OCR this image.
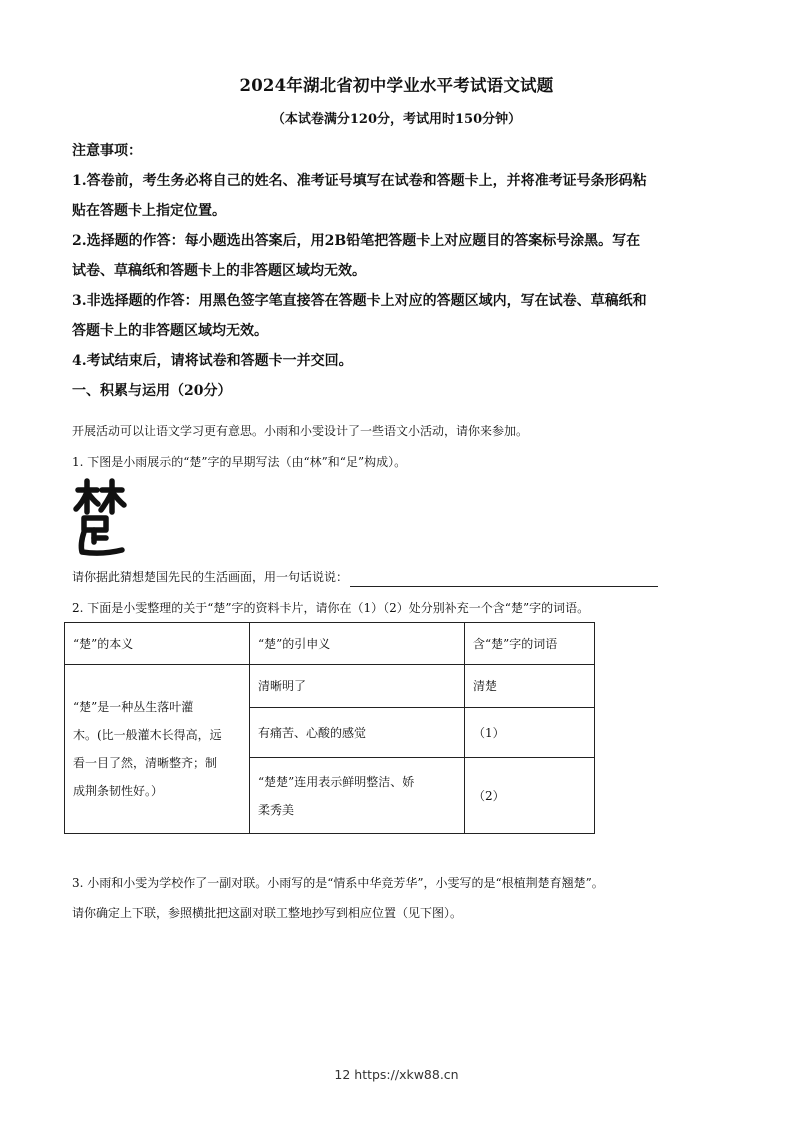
2024年湖北省初中学业水平考试语文试题
（本试卷满分120分，考试用时150分钟）
注意事项：
1.答卷前，考生务必将自己的姓名、准考证号填写在试卷和答题卡上，并将准考证号条形码粘
贴在答题卡上指定位置。
2.选择题的作答：每小题选出答案后，用2B铅笔把答题卡上对应题目的答案标号涂黑。写在
试卷、草稿纸和答题卡上的非答题区域均无效。
3.非选择题的作答：用黑色签字笔直接答在答题卡上对应的答题区域内，写在试卷、草稿纸和
答题卡上的非答题区域均无效。
4.考试结束后，请将试卷和答题卡一并交回。
一、积累与运用（20分）
开展活动可以让语文学习更有意思。小雨和小雯设计了一些语文小活动，请你来参加。
1. 下图是小雨展示的“楚”字的早期写法（由“林”和“足”构成）。
请你据此猜想楚国先民的生活画面，用一句话说说：
2. 下面是小雯整理的关于“楚”字的资料卡片，请你在（1）（2）处分别补充一个含“楚”字的词语。
“楚”的本义	“楚”的引申义	含“楚”字的词语

“楚”是一种丛生落叶灌
木。(比一般灌木长得高，远
看一目了然，清晰整齐；制
成荆条韧性好。）	清晰明了	清楚
	有痛苦、心酸的感觉	（1）

	“楚楚”连用表示鲜明整洁、娇
柔秀美	（2）
3. 小雨和小雯为学校作了一副对联。小雨写的是“情系中华竞芳华”，小雯写的是“根植荆楚育翘楚”。
请你确定上下联，参照横批把这副对联工整地抄写到相应位置（见下图）。
12 https://xkw88.cn
